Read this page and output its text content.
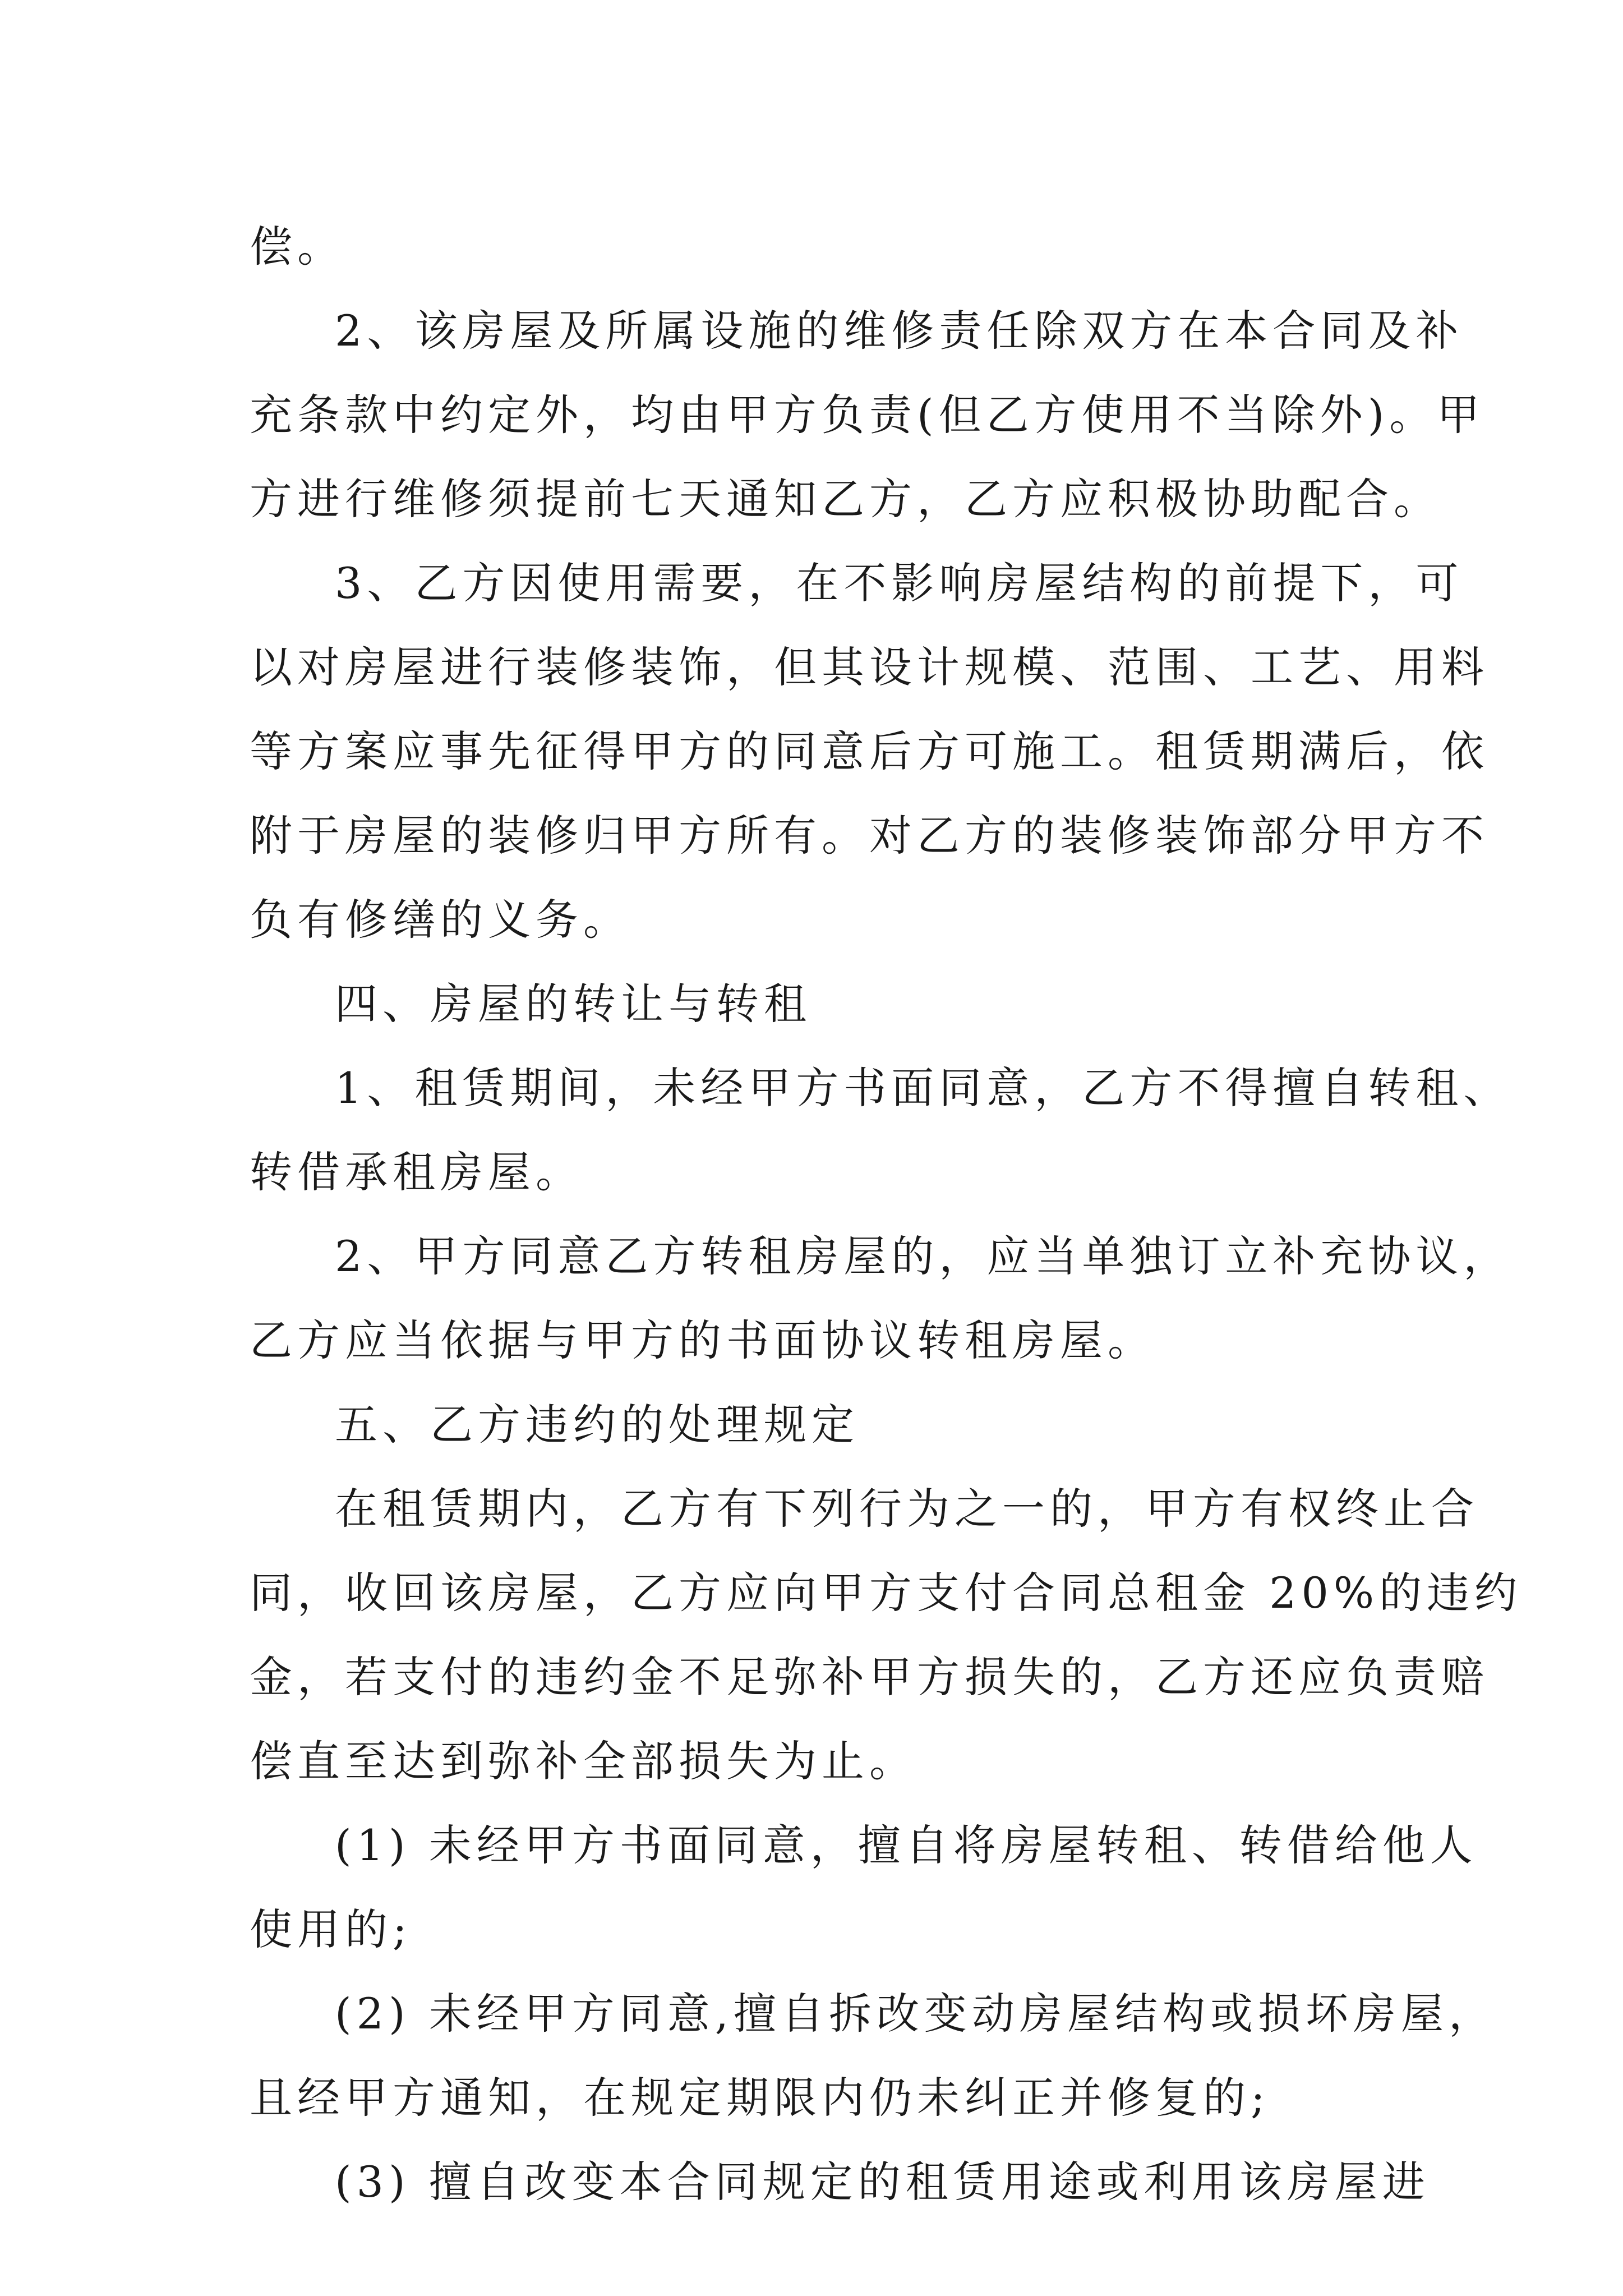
偿。

2、该房屋及所属设施的维修责任除双方在本合同及补

充条款中约定外，均由甲方负责(但乙方使用不当除外)。甲

方进行维修须提前七天通知乙方，乙方应积极协助配合。

3、乙方因使用需要，在不影响房屋结构的前提下，可

以对房屋进行装修装饰，但其设计规模、范围、工艺、用料

等方案应事先征得甲方的同意后方可施工。租赁期满后，依

附于房屋的装修归甲方所有。对乙方的装修装饰部分甲方不

负有修缮的义务。

四、房屋的转让与转租

1、租赁期间，未经甲方书面同意，乙方不得擅自转租、

转借承租房屋。

2、甲方同意乙方转租房屋的，应当单独订立补充协议，

乙方应当依据与甲方的书面协议转租房屋。

五、乙方违约的处理规定

在租赁期内，乙方有下列行为之一的，甲方有权终止合

同，收回该房屋，乙方应向甲方支付合同总租金 20%的违约

金，若支付的违约金不足弥补甲方损失的，乙方还应负责赔

偿直至达到弥补全部损失为止。

(1) 未经甲方书面同意，擅自将房屋转租、转借给他人

使用的;

(2) 未经甲方同意,擅自拆改变动房屋结构或损坏房屋，

且经甲方通知，在规定期限内仍未纠正并修复的;

(3) 擅自改变本合同规定的租赁用途或利用该房屋进
